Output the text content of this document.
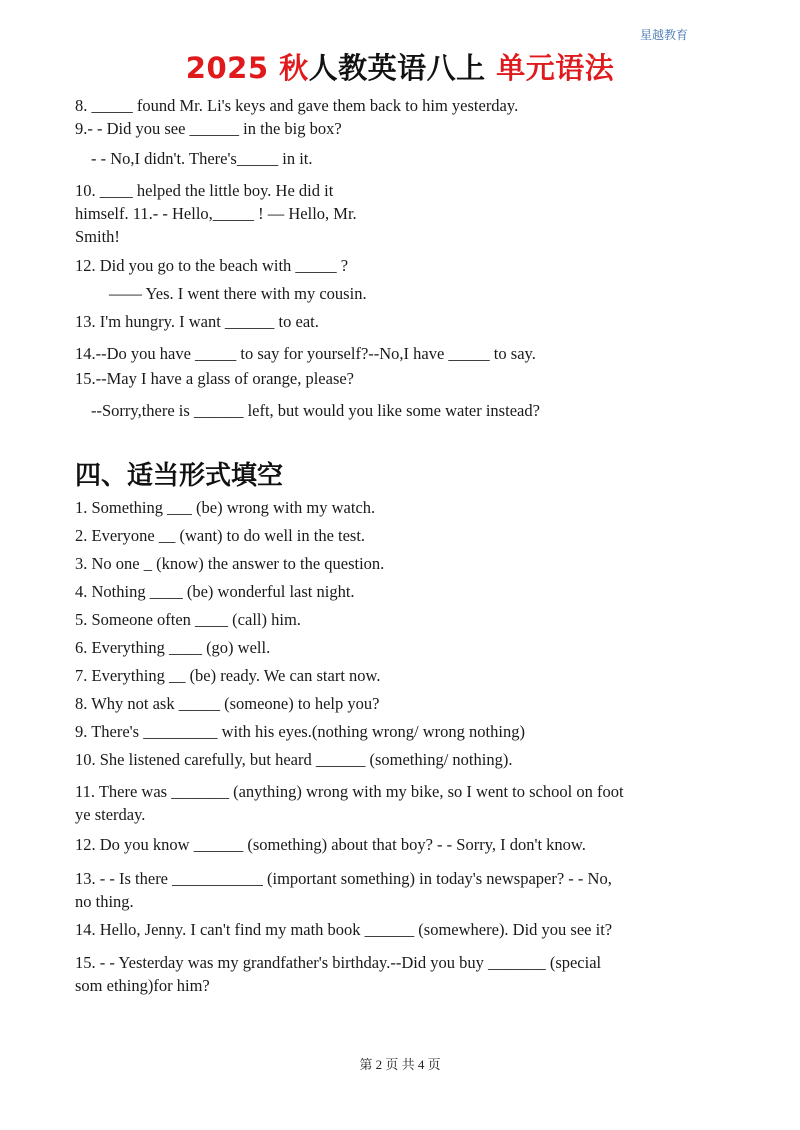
星越教育
2025 秋人教英语八上 单元语法
8. _____ found Mr. Li's keys and gave them back to him yesterday.
9.- - Did you see ______ in the big box?
- - No,I didn't. There's_____ in it.
10. ____ helped the little boy. He did it
himself. 11.- - Hello,_____ ! — Hello, Mr.
Smith!
12. Did you go to the beach with _____ ?
—— Yes. I went there with my cousin.
13. I'm hungry. I want ______ to eat.
14.--Do you have _____ to say for yourself?--No,I have _____ to say.
15.--May I have a glass of orange, please?
--Sorry,there is ______ left, but would you like some water instead?
四、适当形式填空
1. Something ___ (be) wrong with my watch.
2. Everyone __ (want) to do well in the test.
3. No one _ (know) the answer to the question.
4. Nothing ____ (be) wonderful last night.
5. Someone often ____ (call) him.
6. Everything ____ (go) well.
7. Everything __ (be) ready. We can start now.
8. Why not ask _____ (someone) to help you?
9. There's _________ with his eyes.(nothing wrong/ wrong nothing)
10. She listened carefully, but heard ______ (something/ nothing).
11. There was _______ (anything) wrong with my bike, so I went to school on foot
ye sterday.
12. Do you know ______ (something) about that boy? - - Sorry, I don't know.
13. - - Is there ___________ (important something) in today's newspaper? - - No,
no thing.
14. Hello, Jenny. I can't find my math book ______ (somewhere). Did you see it?
15. - - Yesterday was my grandfather's birthday.--Did you buy _______ (special
som ething)for him?
第 2 页 共 4 页
